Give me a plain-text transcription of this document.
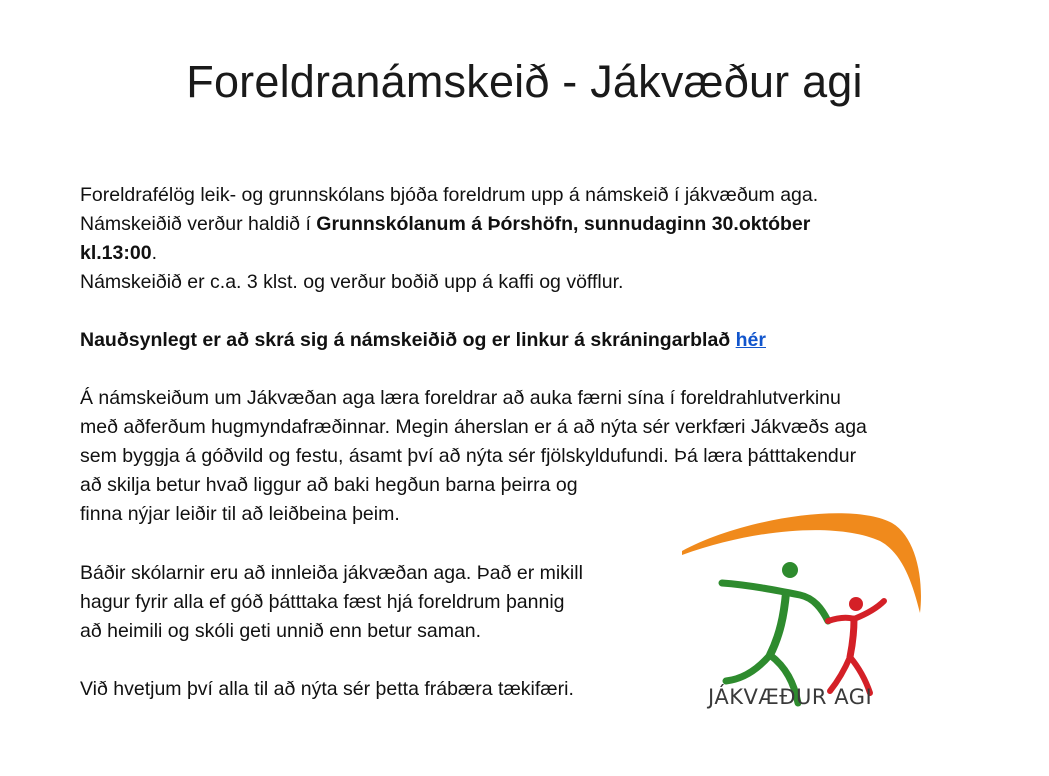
Foreldranámskeið - Jákvæður agi

Foreldrafélög leik- og grunnskólans bjóða foreldrum upp á námskeið í jákvæðum aga.
Námskeiðið verður haldið í Grunnskólanum á Þórshöfn, sunnudaginn 30.október
kl.13:00.
Námskeiðið er c.a. 3 klst. og verður boðið upp á kaffi og vöfflur.

Nauðsynlegt er að skrá sig á námskeiðið og er linkur á skráningarblað hér

Á námskeiðum um Jákvæðan aga læra foreldrar að auka færni sína í foreldrahlutverkinu
með aðferðum hugmyndafræðinnar. Megin áherslan er á að nýta sér verkfæri Jákvæðs aga
sem byggja á góðvild og festu, ásamt því að nýta sér fjölskyldufundi. Þá læra þátttakendur
að skilja betur hvað liggur að baki hegðun barna þeirra og
finna nýjar leiðir til að leiðbeina þeim.

Báðir skólarnir eru að innleiða jákvæðan aga. Það er mikill
hagur fyrir alla ef góð þátttaka fæst hjá foreldrum þannig
að heimili og skóli geti unnið enn betur saman.

Við hvetjum því alla til að nýta sér þetta frábæra tækifæri.	JÁKVÆÐUR AGI
